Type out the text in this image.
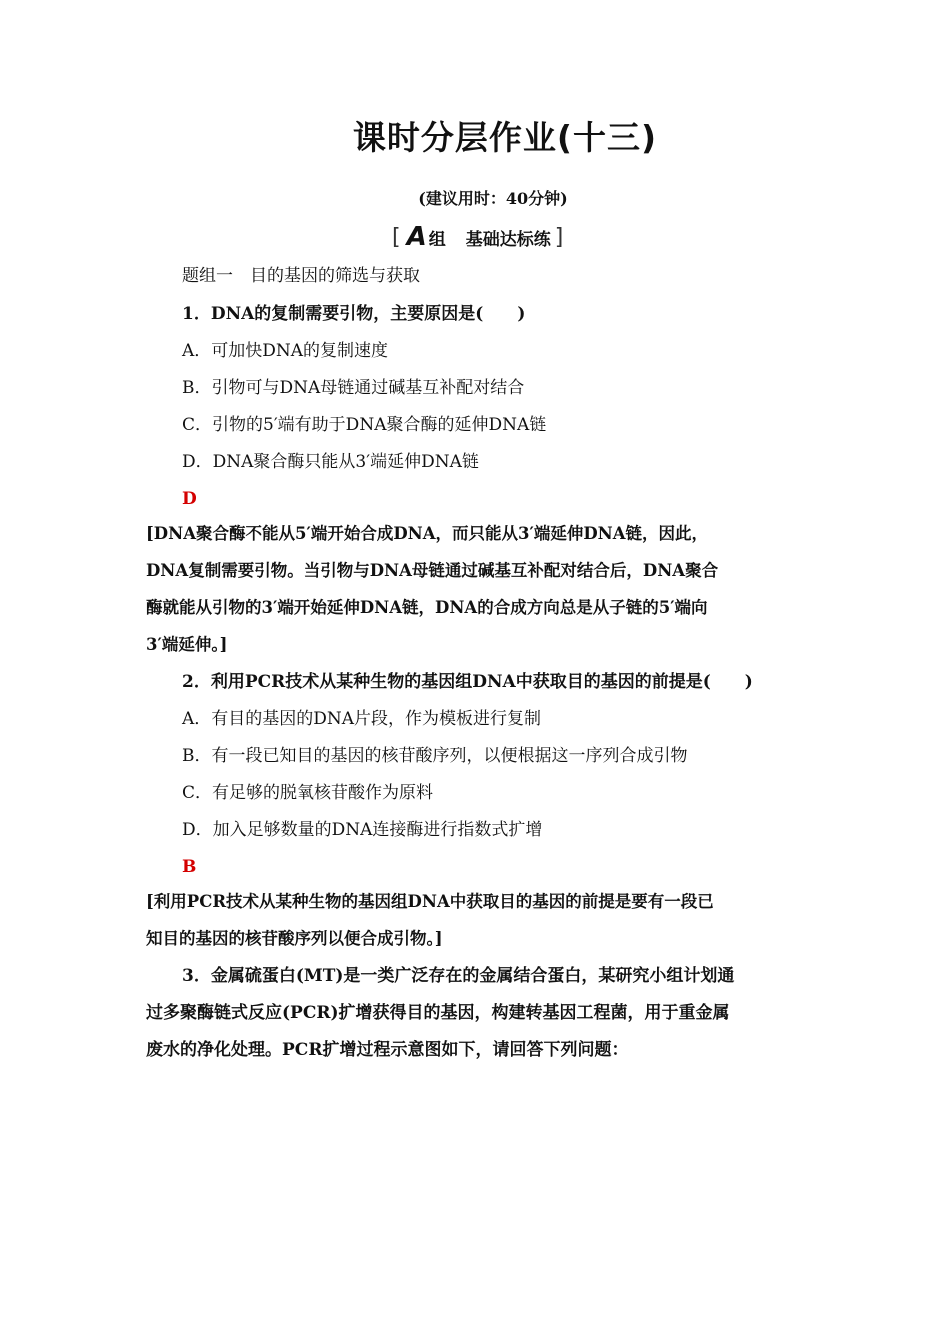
课时分层作业(十三)
(建议用时：40分钟)
[ A 组 基础达标练 ]
题组一　目的基因的筛选与获取
1．DNA的复制需要引物，主要原因是(　　)
A．可加快DNA的复制速度
B．引物可与DNA母链通过碱基互补配对结合
C．引物的5′端有助于DNA聚合酶的延伸DNA链
D．DNA聚合酶只能从3′端延伸DNA链
D
[DNA聚合酶不能从5′端开始合成DNA，而只能从3′端延伸DNA链，因此，
DNA复制需要引物。当引物与DNA母链通过碱基互补配对结合后，DNA聚合
酶就能从引物的3′端开始延伸DNA链，DNA的合成方向总是从子链的5′端向
3′端延伸。]
2．利用PCR技术从某种生物的基因组DNA中获取目的基因的前提是(　　)
A．有目的基因的DNA片段，作为模板进行复制
B．有一段已知目的基因的核苷酸序列，以便根据这一序列合成引物
C．有足够的脱氧核苷酸作为原料
D．加入足够数量的DNA连接酶进行指数式扩增
B
[利用PCR技术从某种生物的基因组DNA中获取目的基因的前提是要有一段已
知目的基因的核苷酸序列以便合成引物。]
3．金属硫蛋白(MT)是一类广泛存在的金属结合蛋白，某研究小组计划通
过多聚酶链式反应(PCR)扩增获得目的基因，构建转基因工程菌，用于重金属
废水的净化处理。PCR扩增过程示意图如下，请回答下列问题：
